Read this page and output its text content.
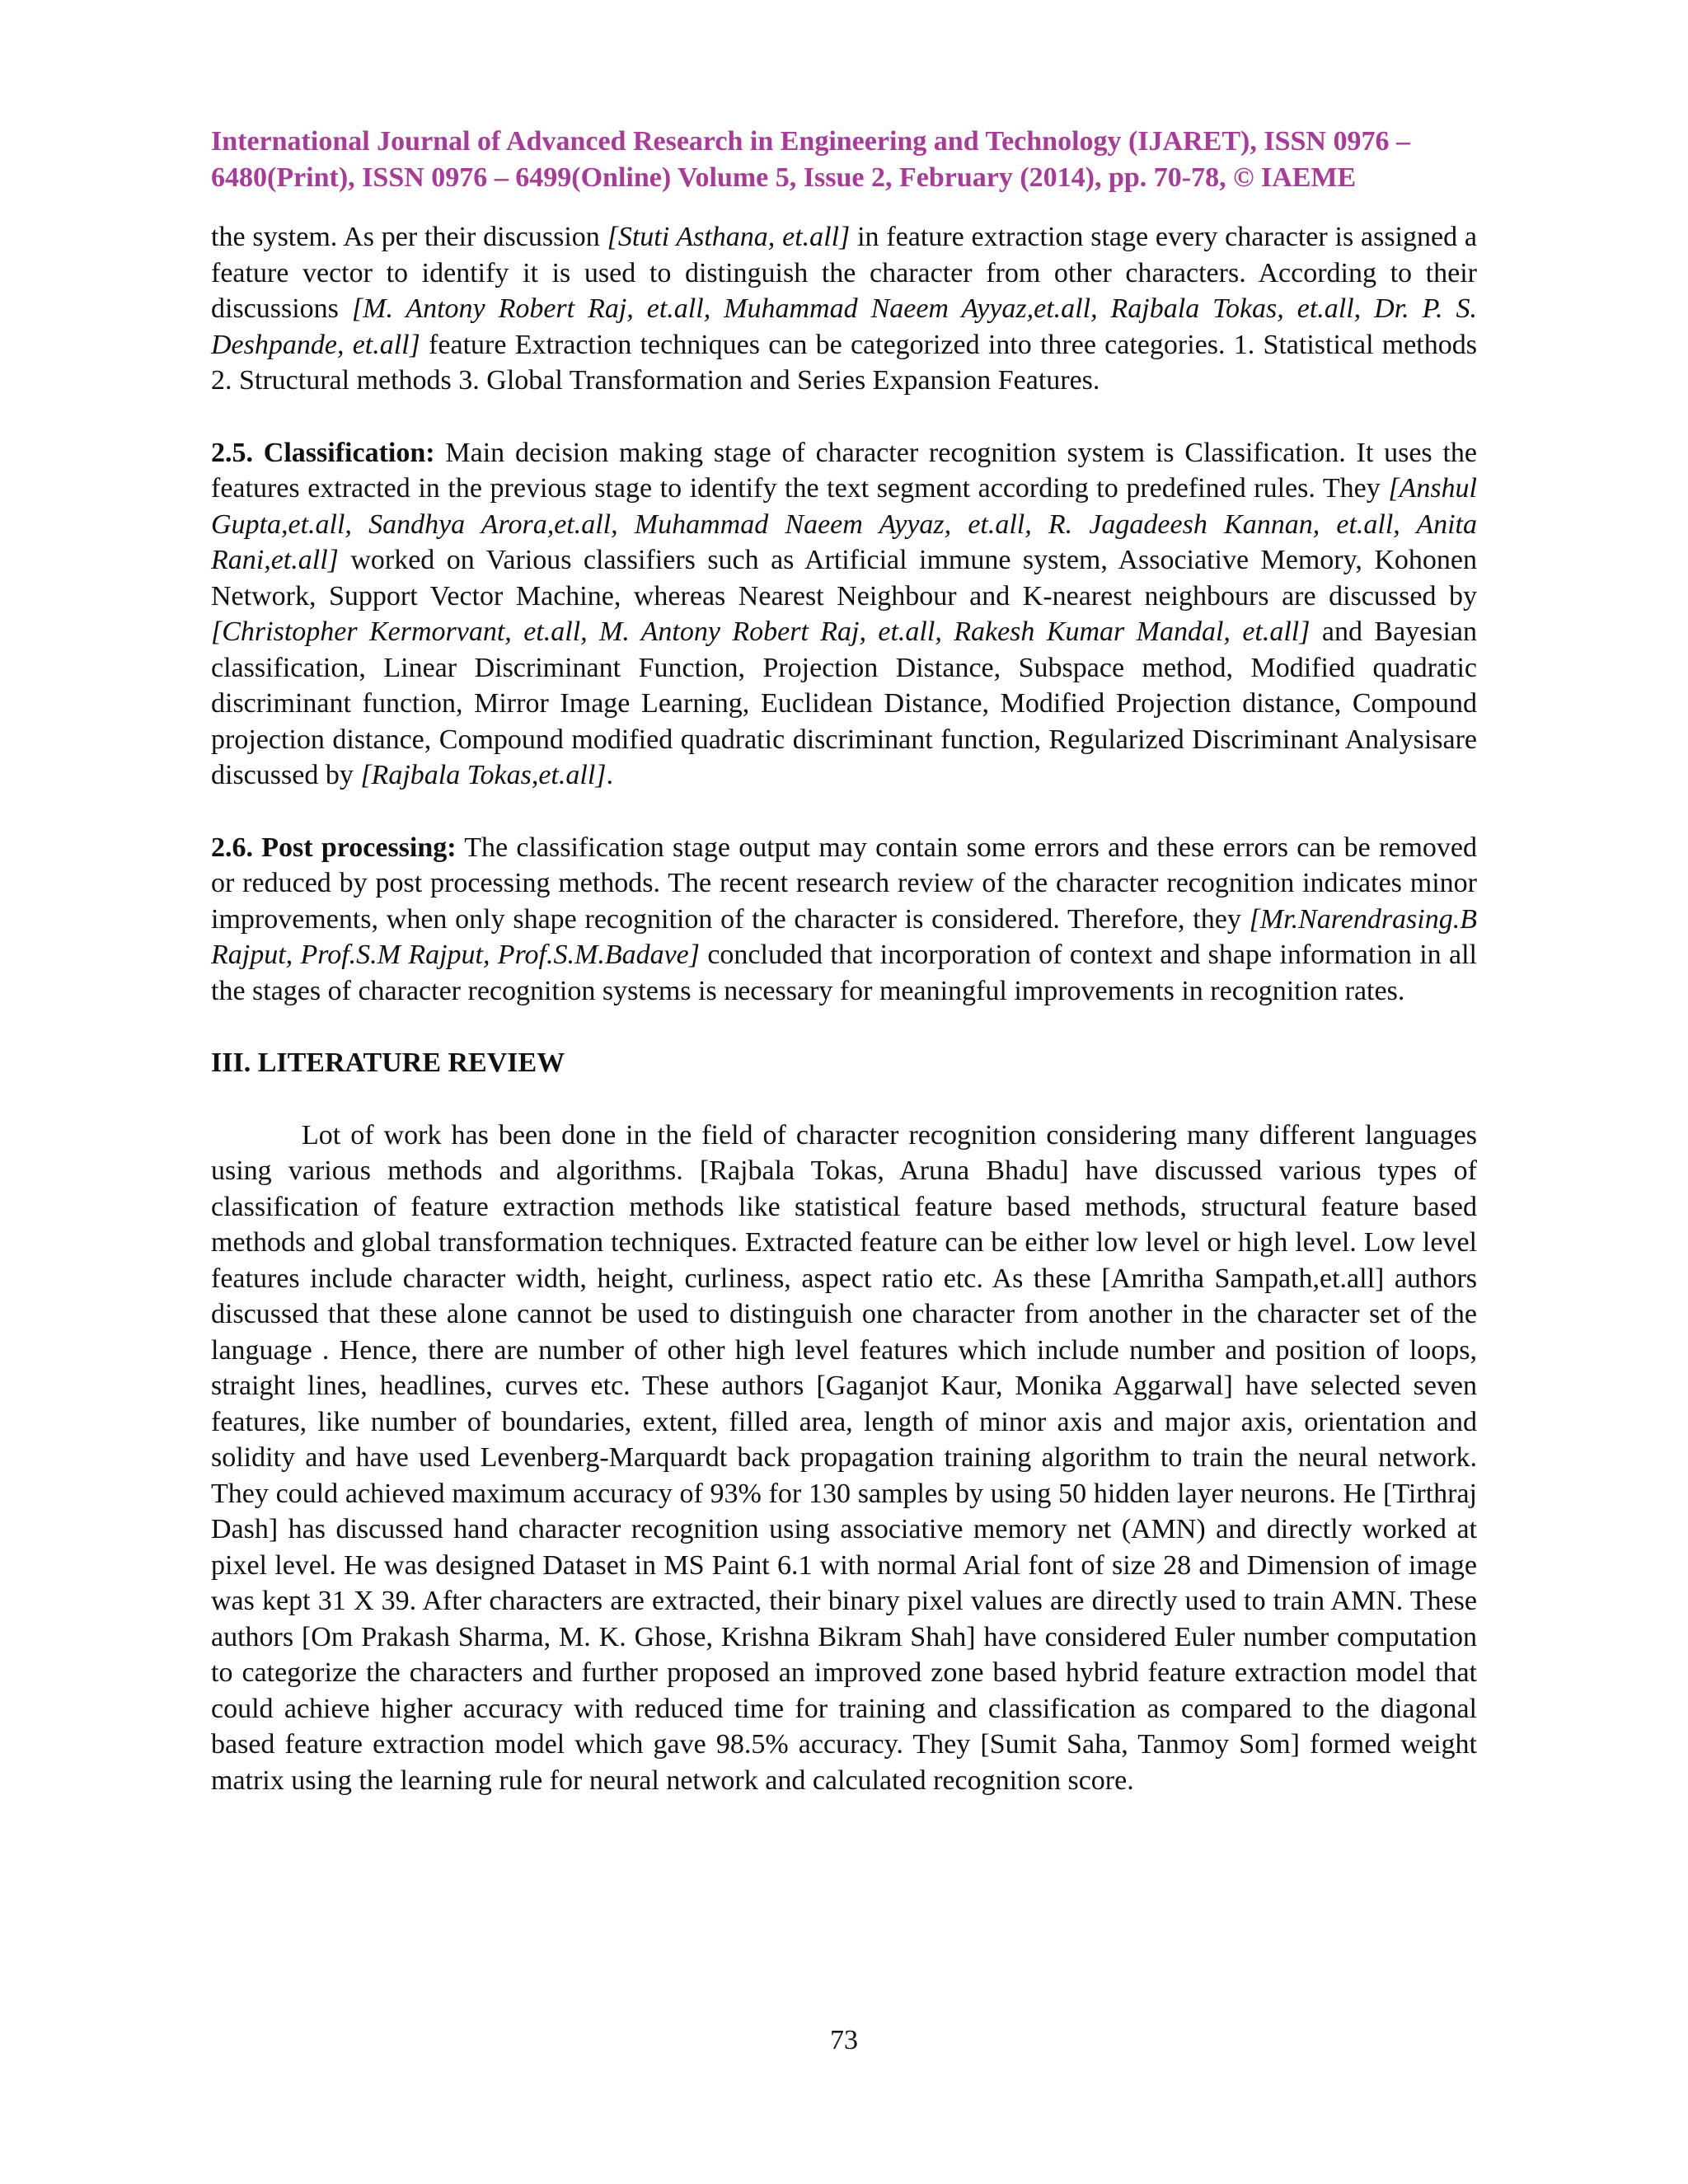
International Journal of Advanced Research in Engineering and Technology (IJARET), ISSN 0976 –
6480(Print), ISSN 0976 – 6499(Online) Volume 5, Issue 2, February (2014), pp. 70-78, © IAEME

the system. As per their discussion [Stuti Asthana, et.all] in feature extraction stage every character is assigned a feature vector to identify it is used to distinguish the character from other characters. According to their discussions [M. Antony Robert Raj, et.all, Muhammad Naeem Ayyaz,et.all, Rajbala Tokas, et.all, Dr. P. S. Deshpande, et.all] feature Extraction techniques can be categorized into three categories. 1. Statistical methods 2. Structural methods 3. Global Transformation and Series Expansion Features.

2.5. Classification: Main decision making stage of character recognition system is Classification. It uses the features extracted in the previous stage to identify the text segment according to predefined rules. They [Anshul Gupta,et.all, Sandhya Arora,et.all, Muhammad Naeem Ayyaz, et.all, R. Jagadeesh Kannan, et.all, Anita Rani,et.all] worked on Various classifiers such as Artificial immune system, Associative Memory, Kohonen Network, Support Vector Machine, whereas Nearest Neighbour and K-nearest neighbours are discussed by [Christopher Kermorvant, et.all, M. Antony Robert Raj, et.all, Rakesh Kumar Mandal, et.all] and Bayesian classification, Linear Discriminant Function, Projection Distance, Subspace method, Modified quadratic discriminant function, Mirror Image Learning, Euclidean Distance, Modified Projection distance, Compound projection distance, Compound modified quadratic discriminant function, Regularized Discriminant Analysisare discussed by [Rajbala Tokas,et.all].

2.6. Post processing: The classification stage output may contain some errors and these errors can be removed or reduced by post processing methods. The recent research review of the character recognition indicates minor improvements, when only shape recognition of the character is considered. Therefore, they [Mr.Narendrasing.B Rajput, Prof.S.M Rajput, Prof.S.M.Badave] concluded that incorporation of context and shape information in all the stages of character recognition systems is necessary for meaningful improvements in recognition rates.

III. LITERATURE REVIEW

Lot of work has been done in the field of character recognition considering many different languages using various methods and algorithms. [Rajbala Tokas, Aruna Bhadu] have discussed various types of classification of feature extraction methods like statistical feature based methods, structural feature based methods and global transformation techniques. Extracted feature can be either low level or high level. Low level features include character width, height, curliness, aspect ratio etc. As these [Amritha Sampath,et.all] authors discussed that these alone cannot be used to distinguish one character from another in the character set of the language . Hence, there are number of other high level features which include number and position of loops, straight lines, headlines, curves etc. These authors [Gaganjot Kaur, Monika Aggarwal] have selected seven features, like number of boundaries, extent, filled area, length of minor axis and major axis, orientation and solidity and have used Levenberg-Marquardt back propagation training algorithm to train the neural network. They could achieved maximum accuracy of 93% for 130 samples by using 50 hidden layer neurons. He [Tirthraj Dash] has discussed hand character recognition using associative memory net (AMN) and directly worked at pixel level. He was designed Dataset in MS Paint 6.1 with normal Arial font of size 28 and Dimension of image was kept 31 X 39. After characters are extracted, their binary pixel values are directly used to train AMN. These authors [Om Prakash Sharma, M. K. Ghose, Krishna Bikram Shah] have considered Euler number computation to categorize the characters and further proposed an improved zone based hybrid feature extraction model that could achieve higher accuracy with reduced time for training and classification as compared to the diagonal based feature extraction model which gave 98.5% accuracy. They [Sumit Saha, Tanmoy Som] formed weight matrix using the learning rule for neural network and calculated recognition score.

73
